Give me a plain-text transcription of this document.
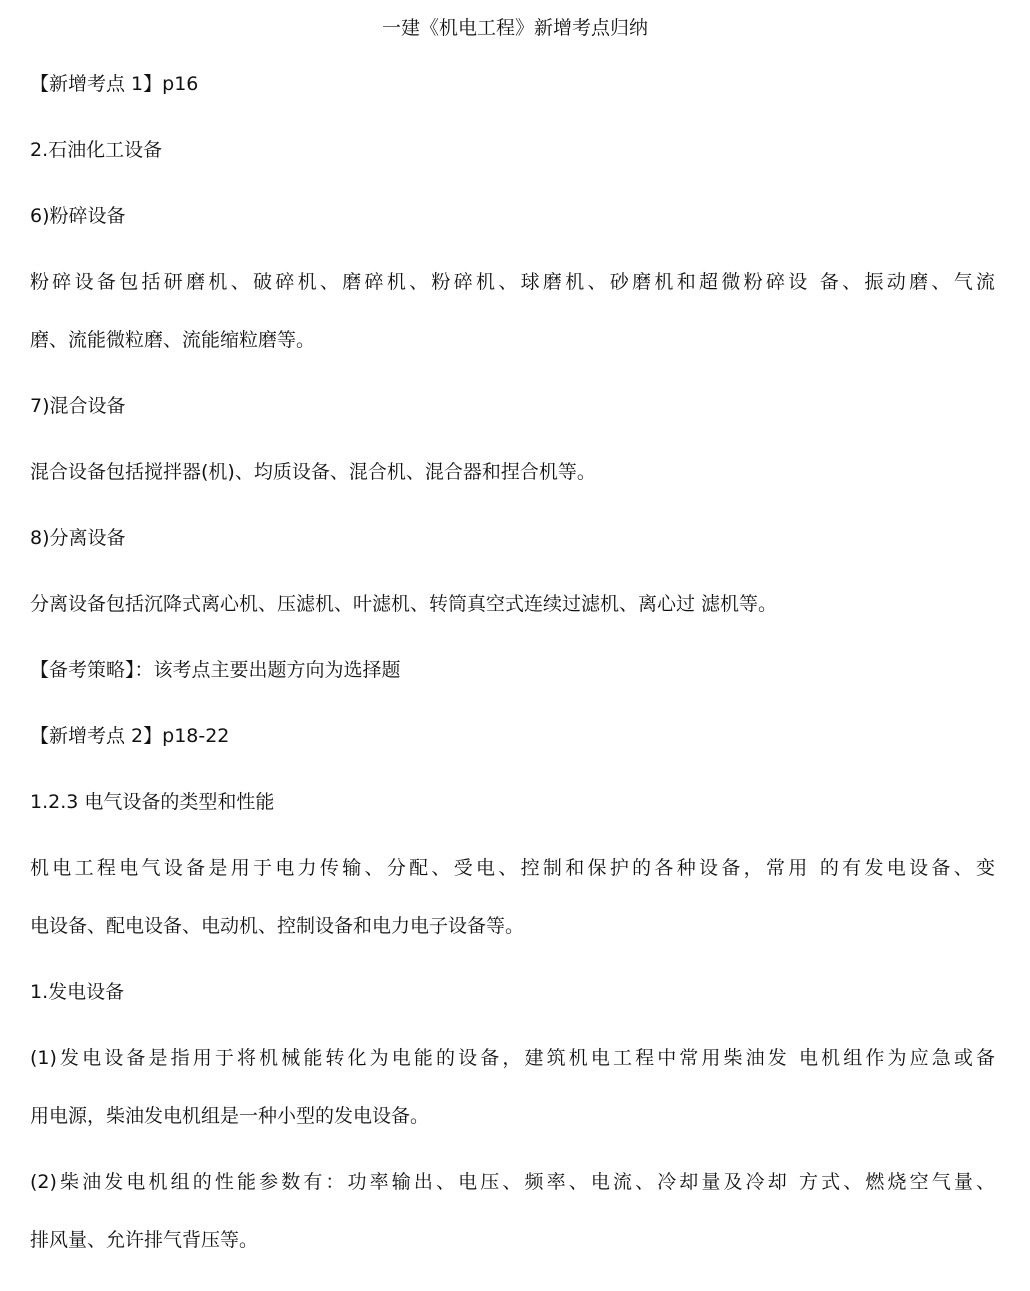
一建《机电工程》新增考点归纳
【新增考点 1】p16
2.石油化工设备
6)粉碎设备
粉碎设备包括研磨机、破碎机、磨碎机、粉碎机、球磨机、砂磨机和超微粉碎设 备、振动磨、气流
磨、流能微粒磨、流能缩粒磨等。
7)混合设备
混合设备包括搅拌器(机)、均质设备、混合机、混合器和捏合机等。
8)分离设备
分离设备包括沉降式离心机、压滤机、叶滤机、转筒真空式连续过滤机、离心过 滤机等。
【备考策略】：该考点主要出题方向为选择题
【新增考点 2】p18-22
1.2.3 电气设备的类型和性能
机电工程电气设备是用于电力传输、分配、受电、控制和保护的各种设备，常用 的有发电设备、变
电设备、配电设备、电动机、控制设备和电力电子设备等。
1.发电设备
(1)发电设备是指用于将机械能转化为电能的设备，建筑机电工程中常用柴油发 电机组作为应急或备
用电源，柴油发电机组是一种小型的发电设备。
(2)柴油发电机组的性能参数有：功率输出、电压、频率、电流、冷却量及冷却 方式、燃烧空气量、
排风量、允许排气背压等。
